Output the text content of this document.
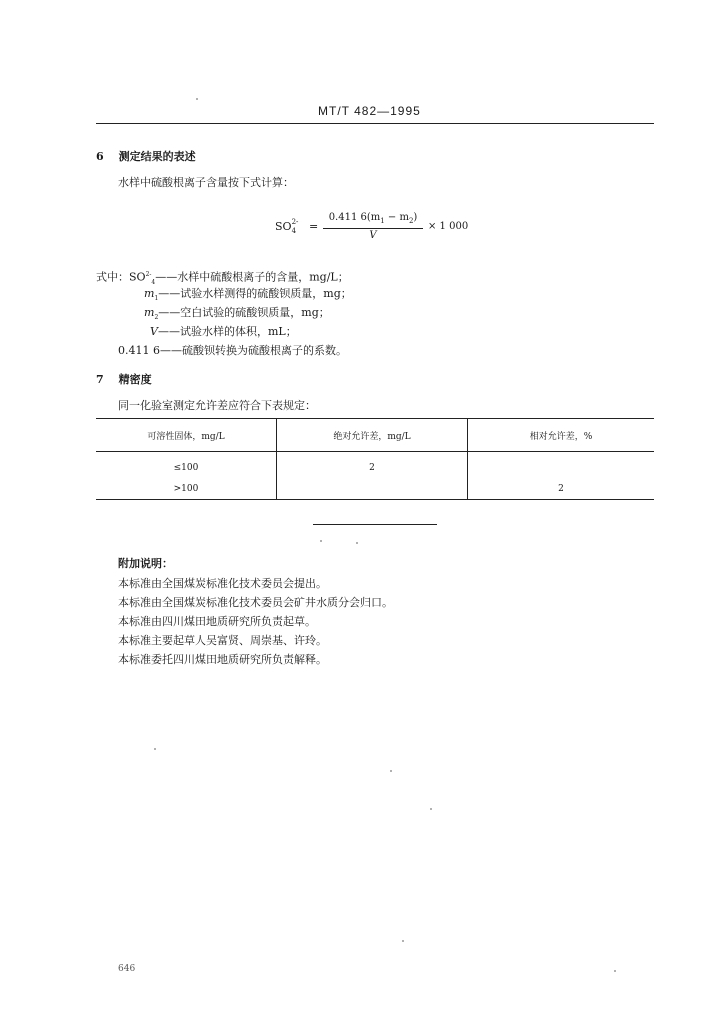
MT/T 482—1995
6 测定结果的表述
水样中硫酸根离子含量按下式计算：
SO 2-
$_4 = \frac{0.411 6(m_1 - m_2)}{V} \times 1$ 000
式中：$SO^{2-}_4——$水样中硫酸根离子的含量，mg/L；
$m_1——$试验水样测得的硫酸钡质量，mg；
$m_2——$空白试验的硫酸钡质量，mg；
V——试验水样的体积，mL；
0.411 6——硫酸钡转换为硫酸根离子的系数。
7 精密度
同一化验室测定允许差应符合下表规定：
可溶性固体，mg/L	绝对允许差，mg/L	相对允许差，%
≤100	2	
>100		2
附加说明：
本标准由全国煤炭标准化技术委员会提出。
本标准由全国煤炭标准化技术委员会矿井水质分会归口。
本标准由四川煤田地质研究所负责起草。
本标准主要起草人吴富贤、周崇基、许玲。
本标准委托四川煤田地质研究所负责解释。
646
